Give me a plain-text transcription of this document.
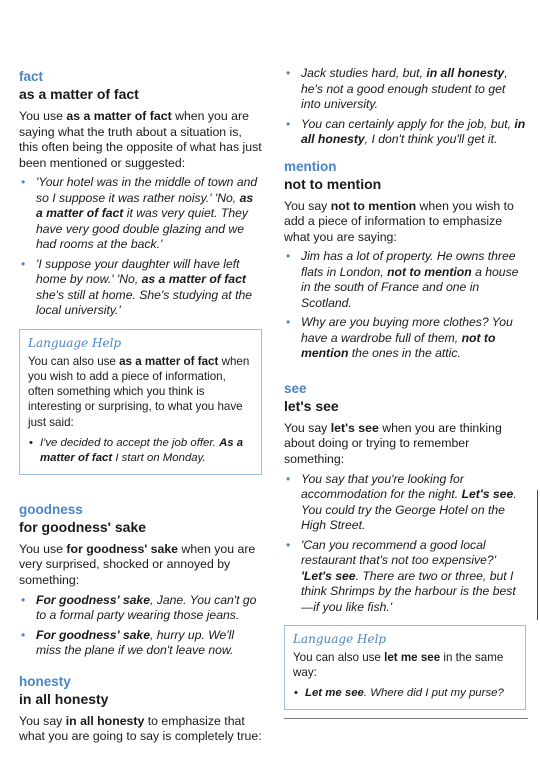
fact

as a matter of fact

You use as a matter of fact when you are saying what the truth about a situation is, this often being the opposite of what has just been mentioned or suggested:

• 'Your hotel was in the middle of town and so I suppose it was rather noisy.' 'No, as a matter of fact it was very quiet. They have very good double glazing and we had rooms at the back.'
• 'I suppose your daughter will have left home by now.' 'No, as a matter of fact she's still at home. She's studying at the local university.'

Language Help

You can also use as a matter of fact when you wish to add a piece of information, often something which you think is interesting or surprising, to what you have just said:

• I've decided to accept the job offer. As a matter of fact I start on Monday.

goodness

for goodness' sake

You use for goodness' sake when you are very surprised, shocked or annoyed by something:

• For goodness' sake, Jane. You can't go to a formal party wearing those jeans.
• For goodness' sake, hurry up. We'll miss the plane if we don't leave now.

honesty

in all honesty

You say in all honesty to emphasize that what you are going to say is completely true:

• Jack studies hard, but, in all honesty, he's not a good enough student to get into university.
• You can certainly apply for the job, but, in all honesty, I don't think you'll get it.

mention

not to mention

You say not to mention when you wish to add a piece of information to emphasize what you are saying:

• Jim has a lot of property. He owns three flats in London, not to mention a house in the south of France and one in Scotland.
• Why are you buying more clothes? You have a wardrobe full of them, not to mention the ones in the attic.

see

let's see

You say let's see when you are thinking about doing or trying to remember something:

• You say that you're looking for accommodation for the night. Let's see. You could try the George Hotel on the High Street.
• 'Can you recommend a good local restaurant that's not too expensive?' 'Let's see. There are two or three, but I think Shrimps by the harbour is the best—if you like fish.'

Language Help

You can also use let me see in the same way:

• Let me see. Where did I put my purse?
